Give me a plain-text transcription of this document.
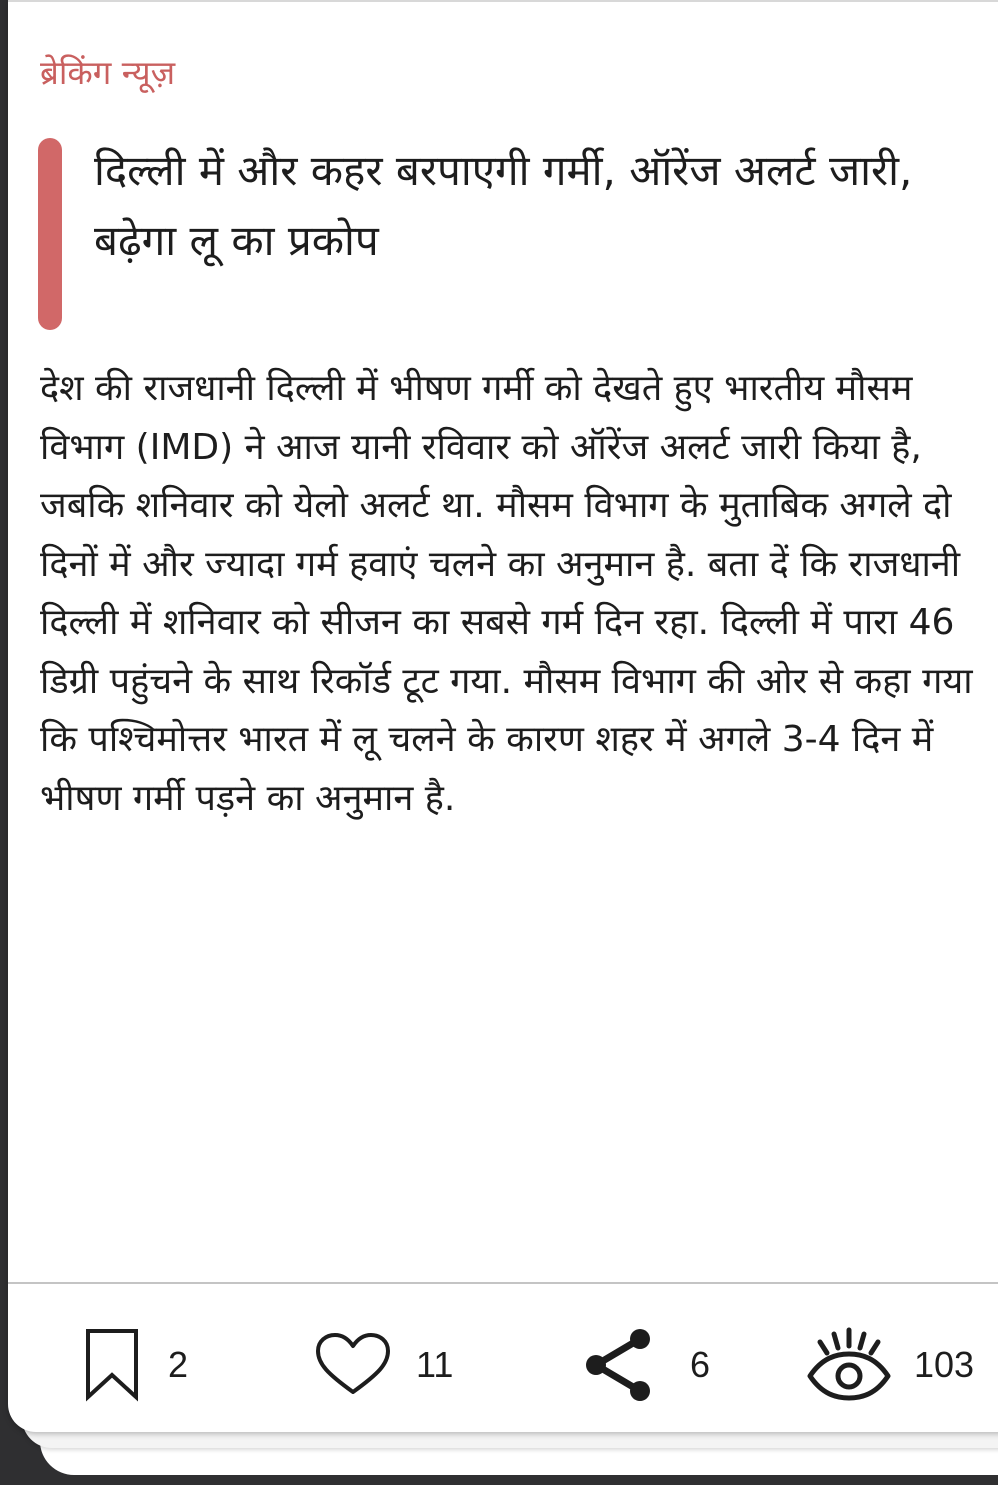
ब्रेकिंग न्यूज़
दिल्ली में और कहर बरपाएगी गर्मी, ऑरेंज अलर्ट जारी, बढ़ेगा लू का प्रकोप

देश की राजधानी दिल्ली में भीषण गर्मी को देखते हुए भारतीय मौसम विभाग (IMD) ने आज यानी रविवार को ऑरेंज अलर्ट जारी किया है, जबकि शनिवार को येलो अलर्ट था. मौसम विभाग के मुताबिक अगले दो दिनों में और ज्यादा गर्म हवाएं चलने का अनुमान है. बता दें कि राजधानी दिल्ली में शनिवार को सीजन का सबसे गर्म दिन रहा. दिल्ली में पारा 46 डिग्री पहुंचने के साथ रिकॉर्ड टूट गया. मौसम विभाग की ओर से कहा गया कि पश्चिमोत्तर भारत में लू चलने के कारण शहर में अगले 3-4 दिन में भीषण गर्मी पड़ने का अनुमान है.

2	11	6	103
